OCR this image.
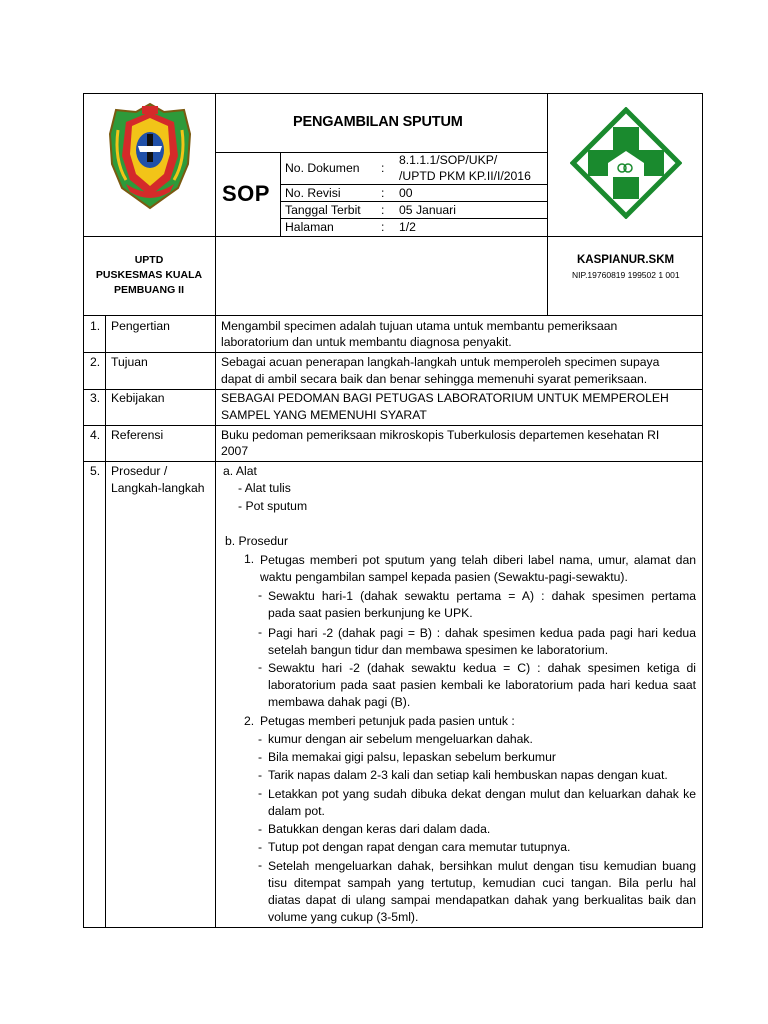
PENGAMBILAN SPUTUM
SOP
No. Dokumen :
8.1.1.1/SOP/UKP/
/UPTD PKM KP.II/I/2016
No. Revisi	: 00
Tanggal Terbit : 05 Januari
Halaman	: 1/2
UPTD
PUSKESMAS KUALA
PEMBUANG II
KASPIANUR.SKM
NIP.19760819 199502 1 001
1. Pengertian	Mengambil specimen adalah tujuan utama untuk membantu pemeriksaan
laboratorium dan untuk membantu diagnosa penyakit.
2. Tujuan	Sebagai acuan penerapan langkah-langkah untuk memperoleh specimen supaya
dapat di ambil secara baik dan benar sehingga memenuhi syarat pemeriksaan.
3. Kebijakan	SEBAGAI PEDOMAN BAGI PETUGAS LABORATORIUM UNTUK MEMPEROLEH
SAMPEL YANG MEMENUHI SYARAT
4. Referensi	Buku pedoman pemeriksaan mikroskopis Tuberkulosis departemen kesehatan RI
2007
5. Prosedur /
Langkah-langkah
a. Alat
- Alat tulis
- Pot sputum
b. Prosedur
1. Petugas memberi pot sputum yang telah diberi label nama, umur, alamat dan
waktu pengambilan sampel kepada pasien (Sewaktu-pagi-sewaktu).
- Sewaktu hari-1 (dahak sewaktu pertama = A) : dahak spesimen pertama
pada saat pasien berkunjung ke UPK.
- Pagi hari -2 (dahak pagi = B) : dahak spesimen kedua pada pagi hari kedua
setelah bangun tidur dan membawa spesimen ke laboratorium.
- Sewaktu hari -2 (dahak sewaktu kedua = C) : dahak spesimen ketiga di
laboratorium pada saat pasien kembali ke laboratorium pada hari kedua saat
membawa dahak pagi (B).
2. Petugas memberi petunjuk pada pasien untuk :
- kumur dengan air sebelum mengeluarkan dahak.
- Bila memakai gigi palsu, lepaskan sebelum berkumur
- Tarik napas dalam 2-3 kali dan setiap kali hembuskan napas dengan kuat.
- Letakkan pot yang sudah dibuka dekat dengan mulut dan keluarkan dahak ke
dalam pot.
- Batukkan dengan keras dari dalam dada.
- Tutup pot dengan rapat dengan cara memutar tutupnya.
- Setelah mengeluarkan dahak, bersihkan mulut dengan tisu kemudian buang
tisu ditempat sampah yang tertutup, kemudian cuci tangan. Bila perlu hal
diatas dapat di ulang sampai mendapatkan dahak yang berkualitas baik dan
volume yang cukup (3-5ml).
